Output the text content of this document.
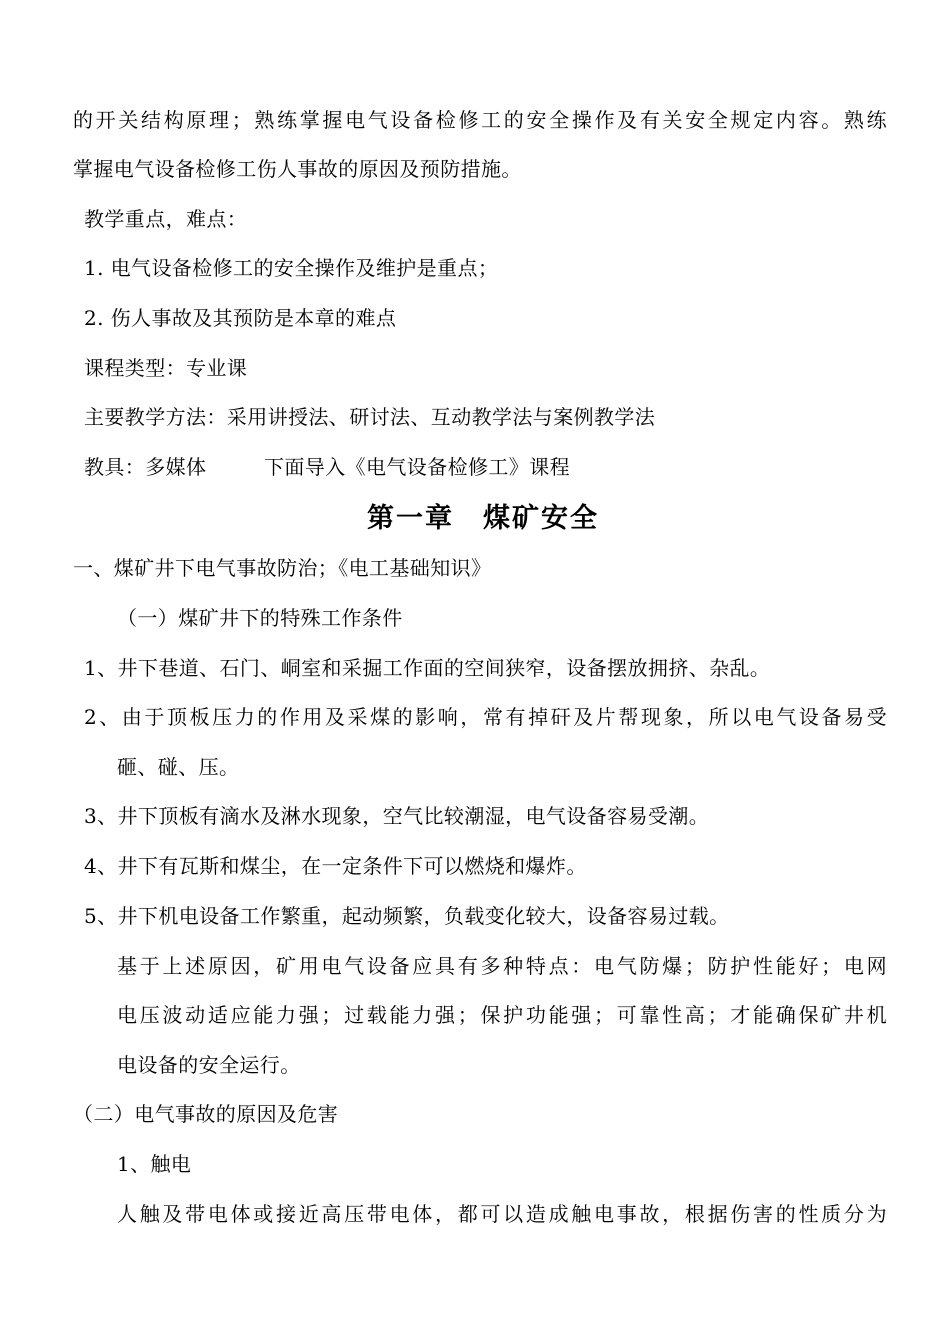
的开关结构原理；熟练掌握电气设备检修工的安全操作及有关安全规定内容。熟练
掌握电气设备检修工伤人事故的原因及预防措施。
教学重点，难点：
1. 电气设备检修工的安全操作及维护是重点；
2. 伤人事故及其预防是本章的难点
课程类型：专业课
主要教学方法：采用讲授法、研讨法、互动教学法与案例教学法
教具：多媒体	下面导入《电气设备检修工》课程
第一章　煤矿安全
一、煤矿井下电气事故防治；《电工基础知识》
（一）煤矿井下的特殊工作条件
1、井下巷道、石门、峒室和采掘工作面的空间狭窄，设备摆放拥挤、杂乱。
2、由于顶板压力的作用及采煤的影响，常有掉矸及片帮现象，所以电气设备易受
砸、碰、压。
3、井下顶板有滴水及淋水现象，空气比较潮湿，电气设备容易受潮。
4、井下有瓦斯和煤尘，在一定条件下可以燃烧和爆炸。
5、井下机电设备工作繁重，起动频繁，负载变化较大，设备容易过载。
基于上述原因，矿用电气设备应具有多种特点：电气防爆；防护性能好；电网
电压波动适应能力强；过载能力强；保护功能强；可靠性高；才能确保矿井机
电设备的安全运行。
（二）电气事故的原因及危害
1、触电
人触及带电体或接近高压带电体，都可以造成触电事故，根据伤害的性质分为
